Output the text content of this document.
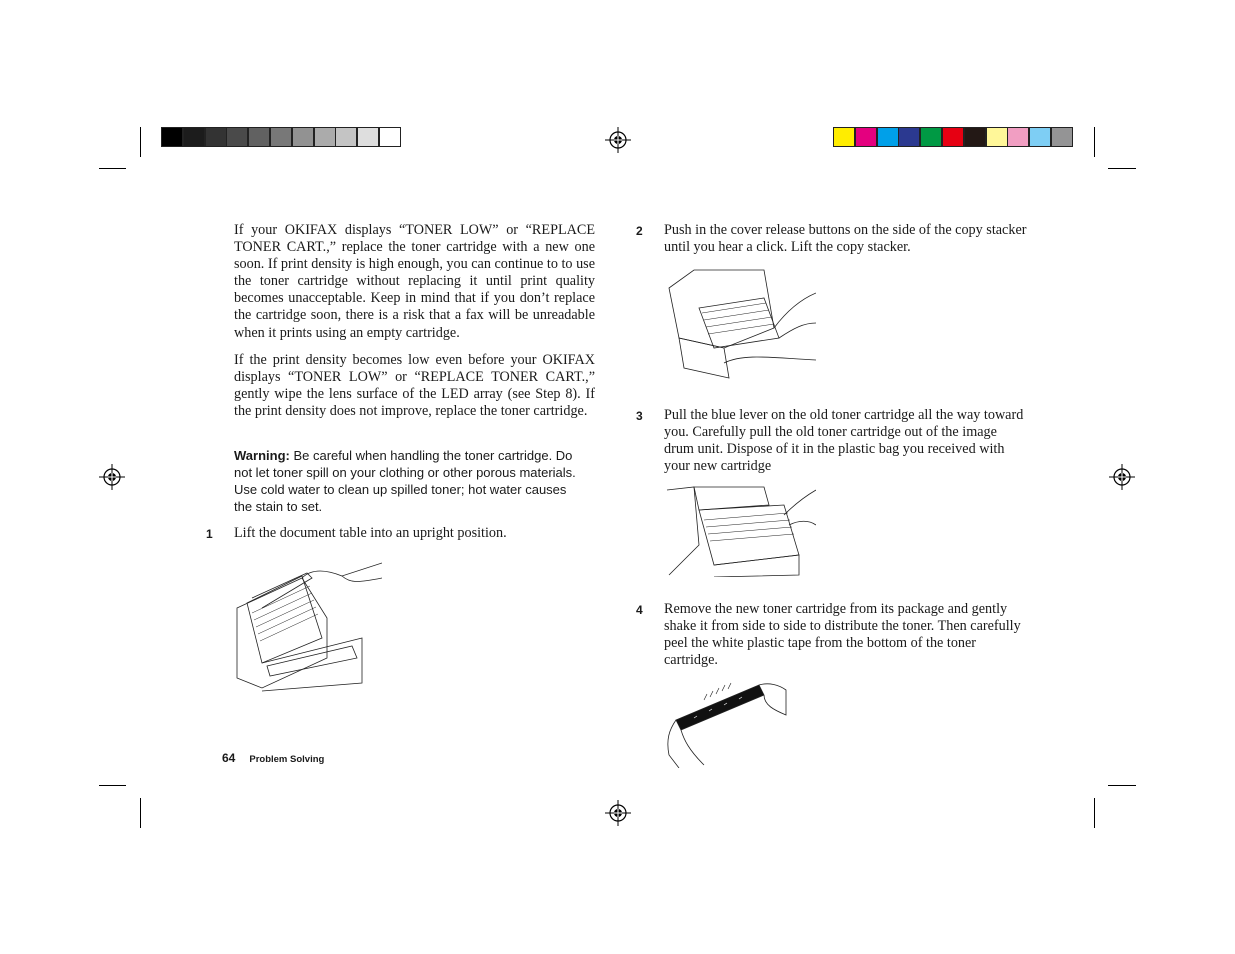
If your OKIFAX displays “TONER LOW” or “REPLACE TONER CART.,” replace the toner cartridge with a new one soon. If print density is high enough, you can continue to to use the toner cartridge without replacing it until print quality becomes unacceptable. Keep in mind that if you don’t replace the cartridge soon, there is a risk that a fax will be unreadable when it prints using an empty cartridge.
If the print density becomes low even before your OKIFAX displays “TONER LOW” or “REPLACE TONER CART.,” gently wipe the lens surface of the LED array (see Step 8). If the print density does not improve, replace the toner cartridge.
Warning: Be careful when handling the toner cartridge. Do not let toner spill on your clothing or other porous materials. Use cold water to clean up spilled toner; hot water causes the stain to set.
1 Lift the document table into an upright position.
2 Push in the cover release buttons on the side of the copy stacker until you hear a click. Lift the copy stacker.
3 Pull the blue lever on the old toner cartridge all the way toward you. Carefully pull the old toner cartridge out of the image drum unit. Dispose of it in the plastic bag you received with your new cartridge
4 Remove the new toner cartridge from its package and gently shake it from side to side to distribute the toner. Then carefully peel the white plastic tape from the bottom of the toner cartridge.
64 Problem Solving
